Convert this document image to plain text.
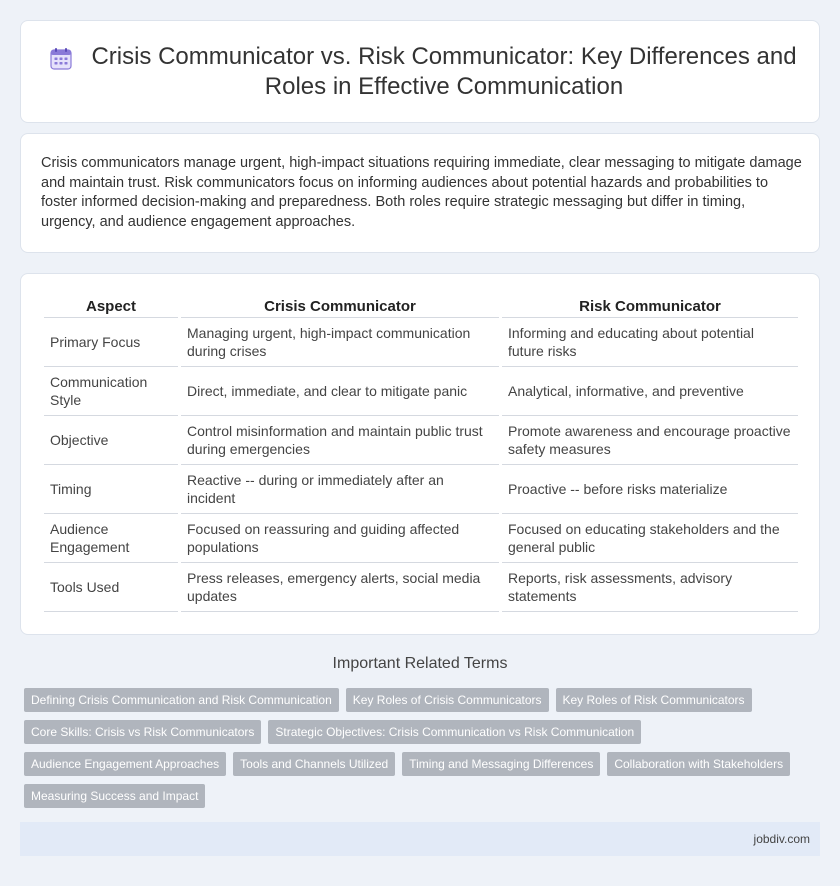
Crisis Communicator vs. Risk Communicator: Key Differences and Roles in Effective Communication

Crisis communicators manage urgent, high-impact situations requiring immediate, clear messaging to mitigate damage and maintain trust. Risk communicators focus on informing audiences about potential hazards and probabilities to foster informed decision-making and preparedness. Both roles require strategic messaging but differ in timing, urgency, and audience engagement approaches.

Aspect	Crisis Communicator	Risk Communicator
Primary Focus	Managing urgent, high-impact communication during crises	Informing and educating about potential future risks
Communication Style	Direct, immediate, and clear to mitigate panic	Analytical, informative, and preventive
Objective	Control misinformation and maintain public trust during emergencies	Promote awareness and encourage proactive safety measures
Timing	Reactive -- during or immediately after an incident	Proactive -- before risks materialize
Audience Engagement	Focused on reassuring and guiding affected populations	Focused on educating stakeholders and the general public
Tools Used	Press releases, emergency alerts, social media updates	Reports, risk assessments, advisory statements
Important Related Terms
Defining Crisis Communication and Risk Communication	Key Roles of Crisis Communicators	Key Roles of Risk Communicators
Core Skills: Crisis vs Risk Communicators	Strategic Objectives: Crisis Communication vs Risk Communication
Audience Engagement Approaches	Tools and Channels Utilized	Timing and Messaging Differences	Collaboration with Stakeholders
Measuring Success and Impact
jobdiv.com
